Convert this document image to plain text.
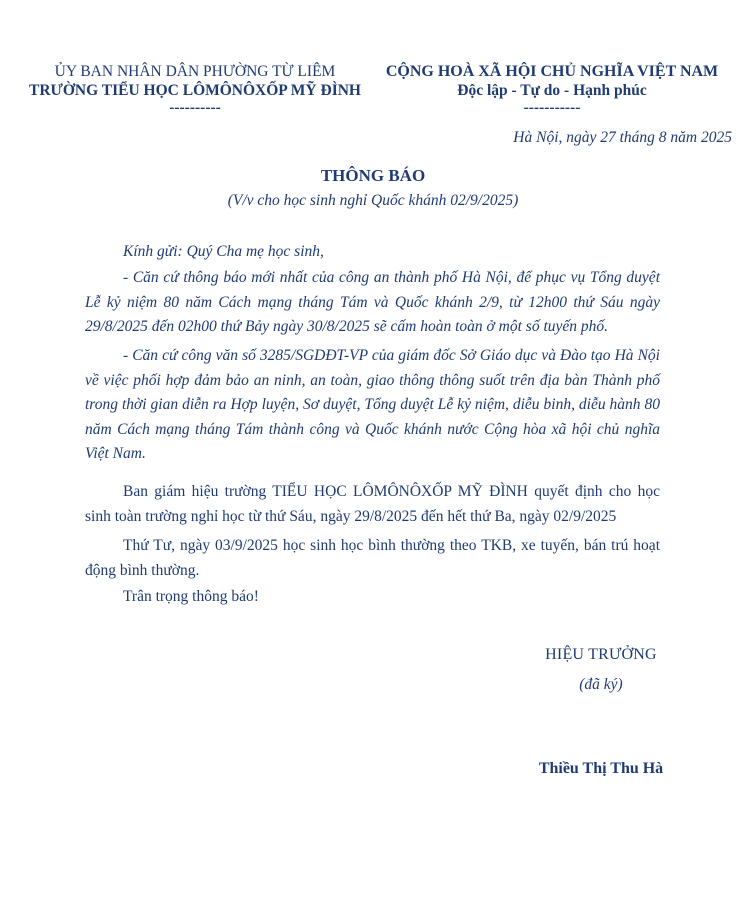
ỦY BAN NHÂN DÂN PHƯỜNG TỪ LIÊM
TRƯỜNG TIỂU HỌC LÔMÔNÔXỐP MỸ ĐÌNH
----------
CỘNG HOÀ XÃ HỘI CHỦ NGHĨA VIỆT NAM
Độc lập - Tự do - Hạnh phúc
-----------
Hà Nội, ngày 27 tháng 8 năm 2025
THÔNG BÁO
(V/v cho học sinh nghỉ Quốc khánh 02/9/2025)

Kính gửi: Quý Cha mẹ học sinh,

- Căn cứ thông báo mới nhất của công an thành phố Hà Nội, để phục vụ Tổng duyệt Lễ kỷ niệm 80 năm Cách mạng tháng Tám và Quốc khánh 2/9, từ 12h00 thứ Sáu ngày 29/8/2025 đến 02h00 thứ Bảy ngày 30/8/2025 sẽ cấm hoàn toàn ở một số tuyến phố.

- Căn cứ công văn số 3285/SGDĐT-VP của giám đốc Sở Giáo dục và Đào tạo Hà Nội về việc phối hợp đảm bảo an ninh, an toàn, giao thông thông suốt trên địa bàn Thành phố trong thời gian diễn ra Hợp luyện, Sơ duyệt, Tổng duyệt Lễ kỷ niệm, diễu binh, diễu hành 80 năm Cách mạng tháng Tám thành công và Quốc khánh nước Cộng hòa xã hội chủ nghĩa Việt Nam.

Ban giám hiệu trường TIỂU HỌC LÔMÔNÔXỐP MỸ ĐÌNH quyết định cho học sinh toàn trường nghỉ học từ thứ Sáu, ngày 29/8/2025 đến hết thứ Ba, ngày 02/9/2025

Thứ Tư, ngày 03/9/2025 học sinh học bình thường theo TKB, xe tuyến, bán trú hoạt động bình thường.

Trân trọng thông báo!

HIỆU TRƯỞNG
(đã ký)
Thiều Thị Thu Hà
